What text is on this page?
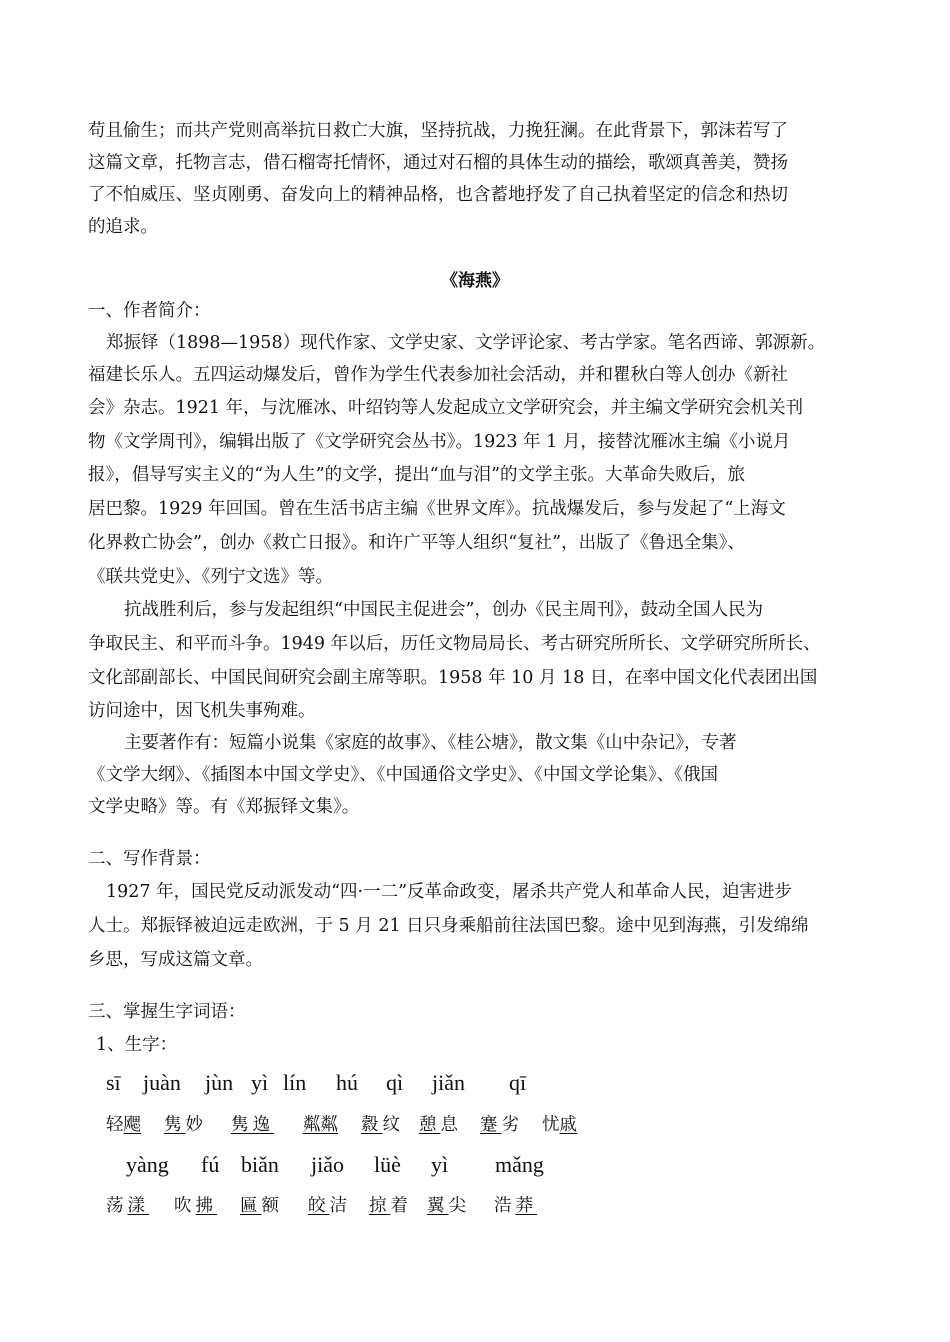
苟且偷生；而共产党则高举抗日救亡大旗，坚持抗战，力挽狂澜。在此背景下，郭沫若写了
这篇文章，托物言志，借石榴寄托情怀，通过对石榴的具体生动的描绘，歌颂真善美，赞扬
了不怕威压、坚贞刚勇、奋发向上的精神品格，也含蓄地抒发了自己执着坚定的信念和热切
的追求。
《海燕》
一、作者简介：
郑振铎（1898—1958）现代作家、文学史家、文学评论家、考古学家。笔名西谛、郭源新。
福建长乐人。五四运动爆发后，曾作为学生代表参加社会活动，并和瞿秋白等人创办《新社
会》杂志。1921 年，与沈雁冰、叶绍钧等人发起成立文学研究会，并主编文学研究会机关刊
物《文学周刊》，编辑出版了《文学研究会丛书》。1923 年 1 月，接替沈雁冰主编《小说月
报》，倡导写实主义的“为人生”的文学，提出“血与泪”的文学主张。大革命失败后，旅
居巴黎。1929 年回国。曾在生活书店主编《世界文库》。抗战爆发后，参与发起了“上海文
化界救亡协会”，创办《救亡日报》。和许广平等人组织“复社”，出版了《鲁迅全集》、
《联共党史》、《列宁文选》等。
抗战胜利后，参与发起组织“中国民主促进会”，创办《民主周刊》，鼓动全国人民为
争取民主、和平而斗争。1949 年以后，历任文物局局长、考古研究所所长、文学研究所所长、
文化部副部长、中国民间研究会副主席等职。1958 年 10 月 18 日，在率中国文化代表团出国
访问途中，因飞机失事殉难。
主要著作有：短篇小说集《家庭的故事》、《桂公塘》，散文集《山中杂记》，专著
《文学大纲》、《插图本中国文学史》、《中国通俗文学史》、《中国文学论集》、《俄国
文学史略》等。有《郑振铎文集》。
二、写作背景：
1927 年，国民党反动派发动“四·一二”反革命政变，屠杀共产党人和革命人民，迫害进步
人士。郑振铎被迫远走欧洲，于 5 月 21 日只身乘船前往法国巴黎。途中见到海燕，引发绵绵
乡思，写成这篇文章。
三、掌握生字词语：
1、生字：
sī juàn jùn yì lín hú qì jiǎn qī
轻飔 隽妙 隽逸 粼粼 縠纹 憩息 蹇劣 忧戚
yàng fú biǎn jiǎo lüè yì mǎng
荡漾 吹拂 匾额 皎洁 掠着 翼尖 浩莽
